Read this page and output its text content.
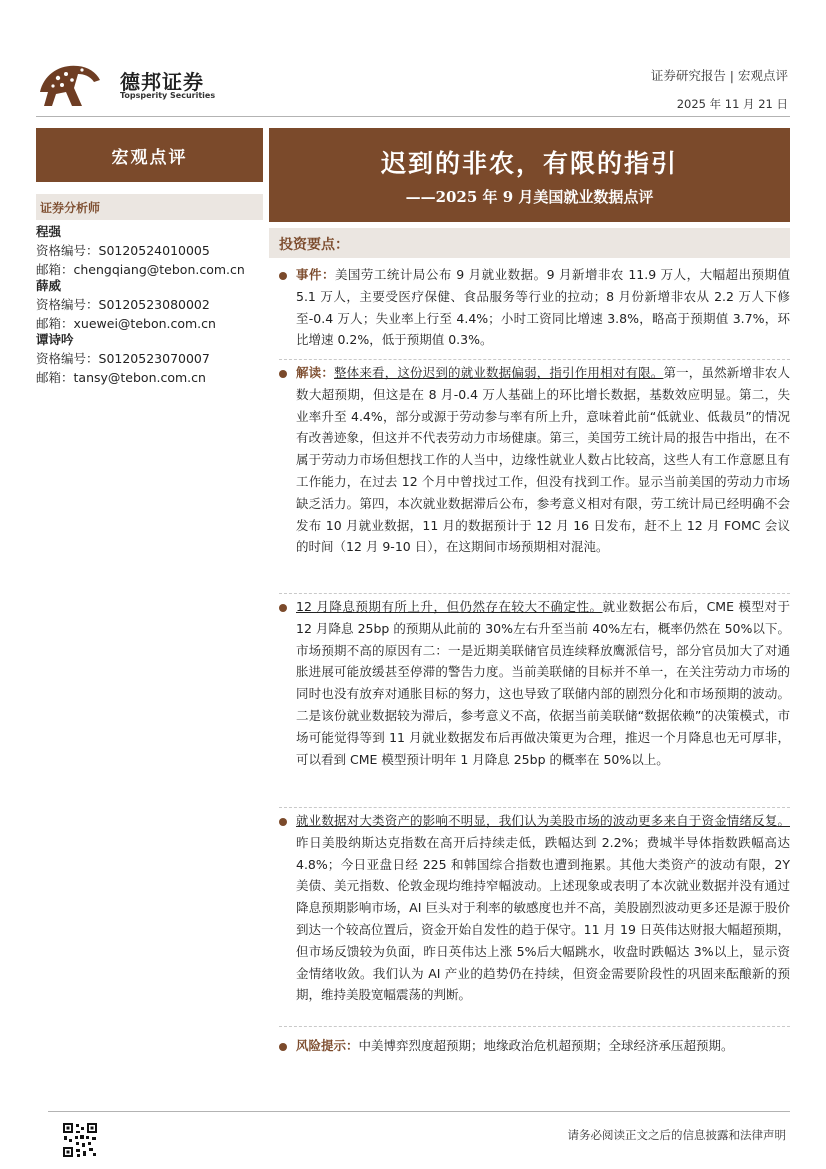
德邦证券
Topsperity Securities
证券研究报告 | 宏观点评
2025 年 11 月 21 日
宏观点评
证券分析师
程强
资格编号：S0120524010005
邮箱：chengqiang@tebon.com.cn
薛威
资格编号：S0120523080002
邮箱：xuewei@tebon.com.cn
谭诗吟
资格编号：S0120523070007
邮箱：tansy@tebon.com.cn
迟到的非农，有限的指引
——2025 年 9 月美国就业数据点评
投资要点：
事件：美国劳工统计局公布 9 月就业数据。9 月新增非农 11.9 万人，大幅超出预期值 5.1 万人，主要受医疗保健、食品服务等行业的拉动；8 月份新增非农从 2.2 万人下修至-0.4 万人；失业率上行至 4.4%；小时工资同比增速 3.8%，略高于预期值 3.7%，环比增速 0.2%，低于预期值 0.3%。
解读：整体来看，这份迟到的就业数据偏弱，指引作用相对有限。第一，虽然新增非农人数大超预期，但这是在 8 月-0.4 万人基础上的环比增长数据，基数效应明显。第二，失业率升至 4.4%，部分或源于劳动参与率有所上升，意味着此前“低就业、低裁员”的情况有改善迹象，但这并不代表劳动力市场健康。第三，美国劳工统计局的报告中指出，在不属于劳动力市场但想找工作的人当中，边缘性就业人数占比较高，这些人有工作意愿且有工作能力，在过去 12 个月中曾找过工作，但没有找到工作。显示当前美国的劳动力市场缺乏活力。第四，本次就业数据滞后公布，参考意义相对有限，劳工统计局已经明确不会发布 10 月就业数据，11 月的数据预计于 12 月 16 日发布，赶不上 12 月 FOMC 会议的时间（12 月 9-10 日），在这期间市场预期相对混沌。
12 月降息预期有所上升，但仍然存在较大不确定性。就业数据公布后，CME 模型对于 12 月降息 25bp 的预期从此前的 30%左右升至当前 40%左右，概率仍然在 50%以下。市场预期不高的原因有二：一是近期美联储官员连续释放鹰派信号，部分官员加大了对通胀进展可能放缓甚至停滞的警告力度。当前美联储的目标并不单一，在关注劳动力市场的同时也没有放弃对通胀目标的努力，这也导致了联储内部的剧烈分化和市场预期的波动。二是该份就业数据较为滞后，参考意义不高，依据当前美联储“数据依赖”的决策模式，市场可能觉得等到 11 月就业数据发布后再做决策更为合理，推迟一个月降息也无可厚非，可以看到 CME 模型预计明年 1 月降息 25bp 的概率在 50%以上。
就业数据对大类资产的影响不明显，我们认为美股市场的波动更多来自于资金情绪反复。昨日美股纳斯达克指数在高开后持续走低，跌幅达到 2.2%；费城半导体指数跌幅高达 4.8%；今日亚盘日经 225 和韩国综合指数也遭到拖累。其他大类资产的波动有限，2Y 美债、美元指数、伦敦金现均维持窄幅波动。上述现象或表明了本次就业数据并没有通过降息预期影响市场，AI 巨头对于利率的敏感度也并不高，美股剧烈波动更多还是源于股价到达一个较高位置后，资金开始自发性的趋于保守。11 月 19 日英伟达财报大幅超预期，但市场反馈较为负面，昨日英伟达上涨 5%后大幅跳水，收盘时跌幅达 3%以上，显示资金情绪收敛。我们认为 AI 产业的趋势仍在持续，但资金需要阶段性的巩固来酝酿新的预期，维持美股宽幅震荡的判断。
风险提示：中美博弈烈度超预期；地缘政治危机超预期；全球经济承压超预期。
请务必阅读正文之后的信息披露和法律声明
